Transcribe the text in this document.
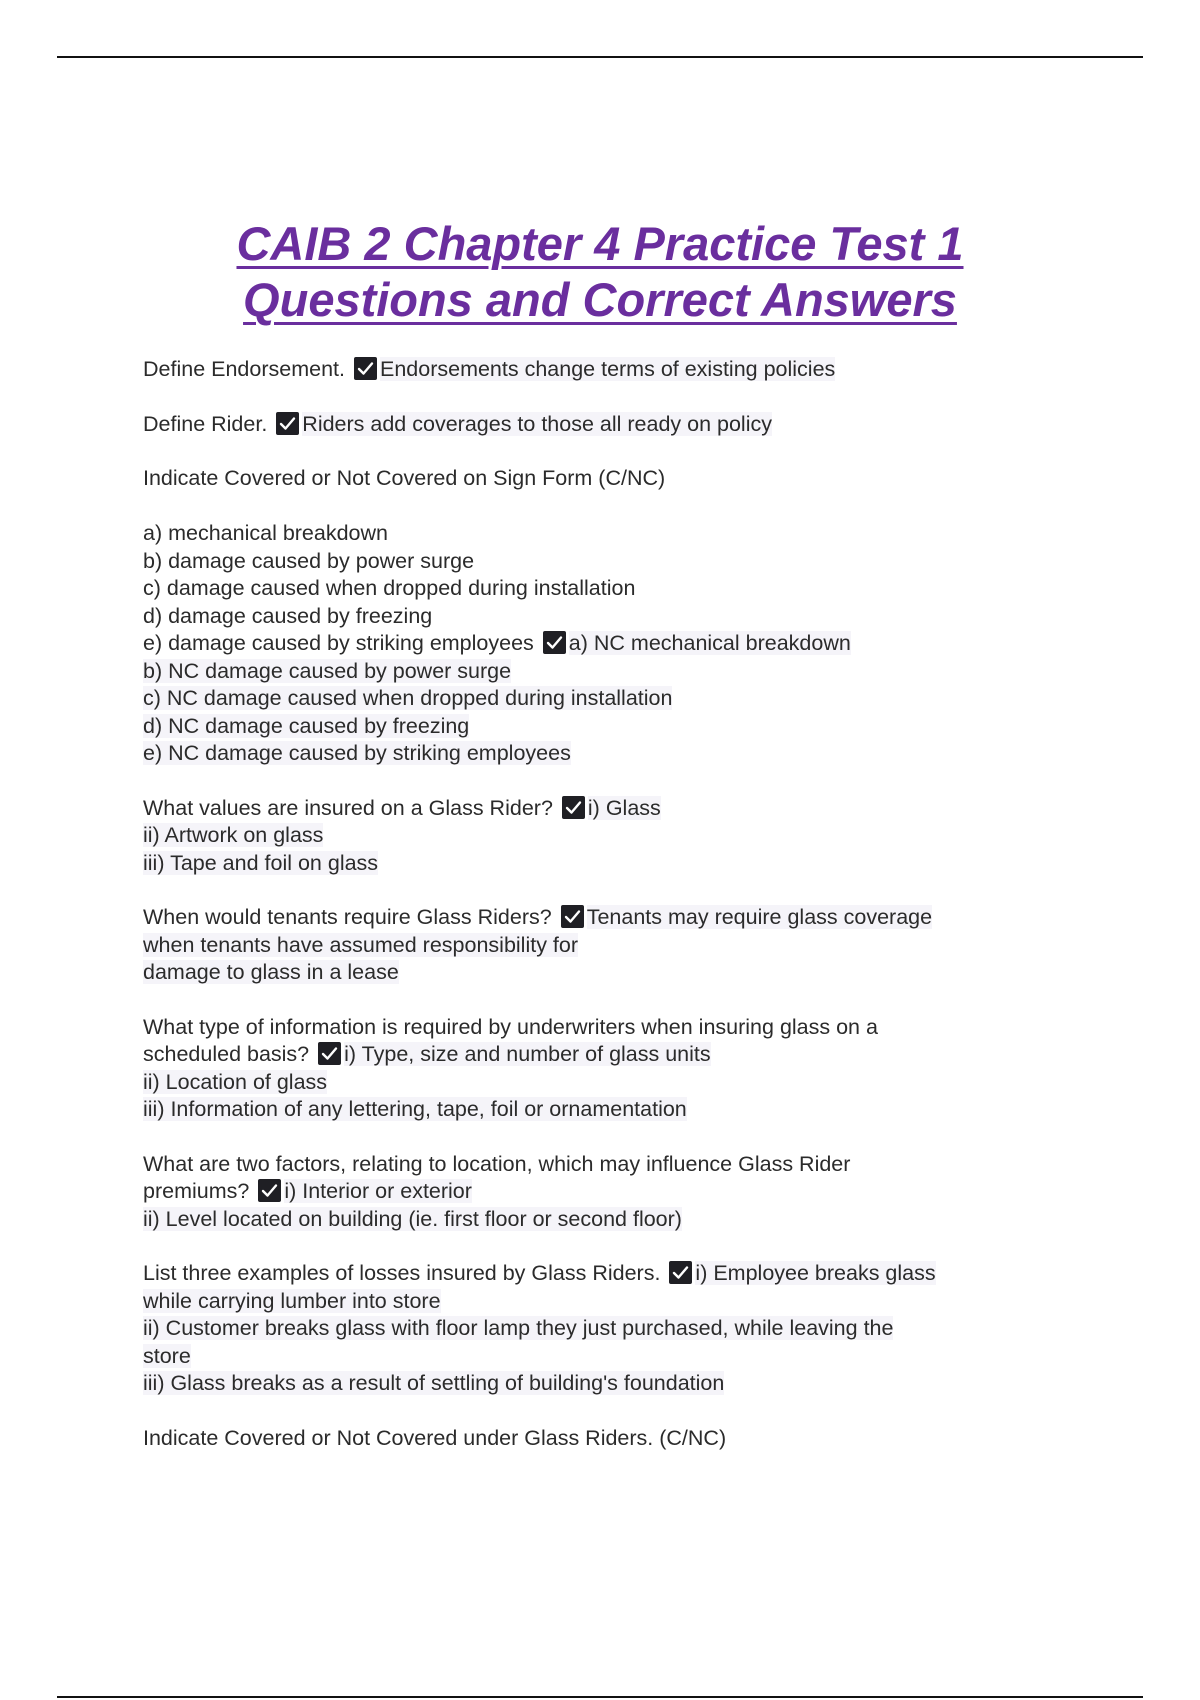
CAIB 2 Chapter 4 Practice Test 1
Questions and Correct Answers
Define Endorsement. Endorsements change terms of existing policies
Define Rider. Riders add coverages to those all ready on policy
Indicate Covered or Not Covered on Sign Form (C/NC)

a) mechanical breakdown
b) damage caused by power surge
c) damage caused when dropped during installation
d) damage caused by freezing
e) damage caused by striking employees a) NC mechanical breakdown
b) NC damage caused by power surge
c) NC damage caused when dropped during installation
d) NC damage caused by freezing
e) NC damage caused by striking employees
What values are insured on a Glass Rider? i) Glass
ii) Artwork on glass
iii) Tape and foil on glass
When would tenants require Glass Riders? Tenants may require glass coverage
when tenants have assumed responsibility for
damage to glass in a lease
What type of information is required by underwriters when insuring glass on a
scheduled basis? i) Type, size and number of glass units
ii) Location of glass
iii) Information of any lettering, tape, foil or ornamentation
What are two factors, relating to location, which may influence Glass Rider
premiums? i) Interior or exterior
ii) Level located on building (ie. first floor or second floor)
List three examples of losses insured by Glass Riders. i) Employee breaks glass
while carrying lumber into store
ii) Customer breaks glass with floor lamp they just purchased, while leaving the
store
iii) Glass breaks as a result of settling of building's foundation
Indicate Covered or Not Covered under Glass Riders. (C/NC)
